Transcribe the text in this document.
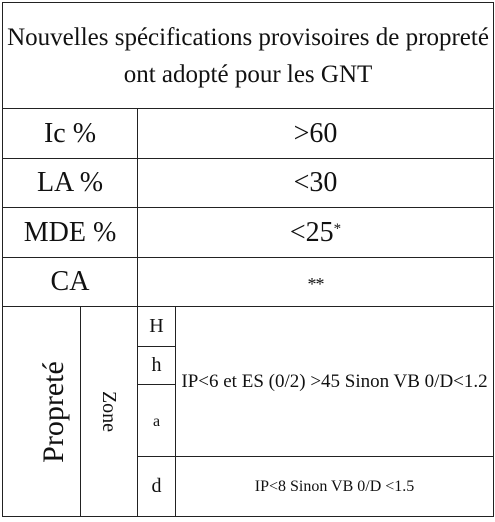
Nouvelles spécifications provisoires de propreté ont adopté pour les GNT			
Ic %		>60	
LA %		<30	
MDE %		<25*
CA		**	
Propreté	Zone	H	IP<6 et ES (0/2) >45 Sinon VB 0/D<1.2
		h	
		a	
		d	IP<8 Sinon VB 0/D <1.5
